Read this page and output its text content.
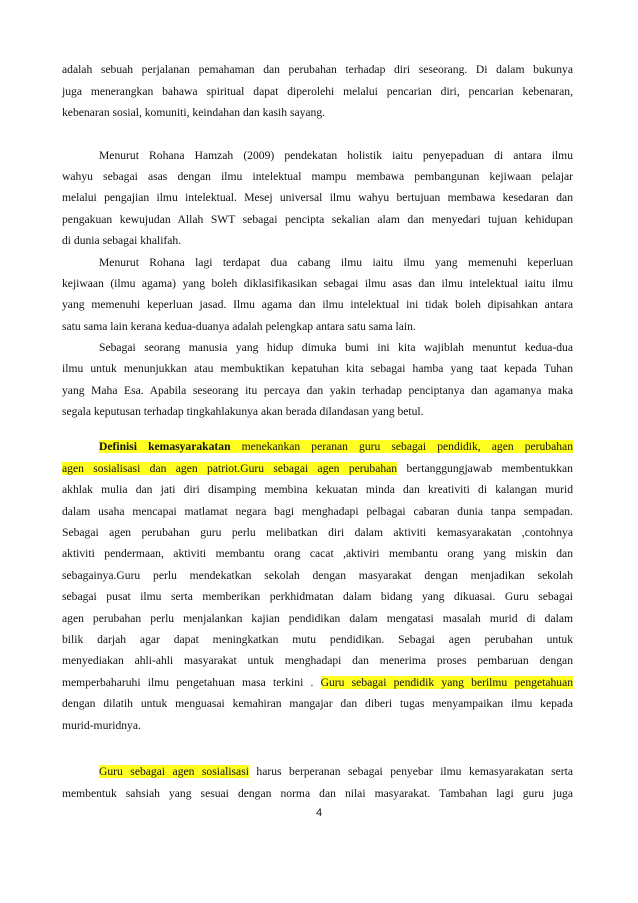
adalah sebuah perjalanan pemahaman dan perubahan terhadap diri seseorang. Di dalam bukunya
juga menerangkan bahawa spiritual dapat diperolehi melalui pencarian diri, pencarian kebenaran,
kebenaran sosial, komuniti, keindahan dan kasih sayang.
Menurut Rohana Hamzah (2009) pendekatan holistik iaitu penyepaduan di antara ilmu
wahyu sebagai asas dengan ilmu intelektual mampu membawa pembangunan kejiwaan pelajar
melalui pengajian ilmu intelektual. Mesej universal ilmu wahyu bertujuan membawa kesedaran dan
pengakuan kewujudan Allah SWT sebagai pencipta sekalian alam dan menyedari tujuan kehidupan
di dunia sebagai khalifah.
Menurut Rohana lagi terdapat dua cabang ilmu iaitu ilmu yang memenuhi keperluan
kejiwaan (ilmu agama) yang boleh diklasifikasikan sebagai ilmu asas dan ilmu intelektual iaitu ilmu
yang memenuhi keperluan jasad. Ilmu agama dan ilmu intelektual ini tidak boleh dipisahkan antara
satu sama lain kerana kedua-duanya adalah pelengkap antara satu sama lain.
Sebagai seorang manusia yang hidup dimuka bumi ini kita wajiblah menuntut kedua-dua
ilmu untuk menunjukkan atau membuktikan kepatuhan kita sebagai hamba yang taat kepada Tuhan
yang Maha Esa. Apabila seseorang itu percaya dan yakin terhadap penciptanya dan agamanya maka
segala keputusan terhadap tingkahlakunya akan berada dilandasan yang betul.
Definisi kemasyarakatan menekankan peranan guru sebagai pendidik, agen perubahan
agen sosialisasi dan agen patriot.Guru sebagai agen perubahan bertanggungjawab membentukkan
akhlak mulia dan jati diri disamping membina kekuatan minda dan kreativiti di kalangan murid
dalam usaha mencapai matlamat negara bagi menghadapi pelbagai cabaran dunia tanpa sempadan.
Sebagai agen perubahan guru perlu melibatkan diri dalam aktiviti kemasyarakatan ,contohnya
aktiviti pendermaan, aktiviti membantu orang cacat ,aktiviri membantu orang yang miskin dan
sebagainya.Guru perlu mendekatkan sekolah dengan masyarakat dengan menjadikan sekolah
sebagai pusat ilmu serta memberikan perkhidmatan dalam bidang yang dikuasai. Guru sebagai
agen perubahan perlu menjalankan kajian pendidikan dalam mengatasi masalah murid di dalam
bilik darjah agar dapat meningkatkan mutu pendidikan. Sebagai agen perubahan untuk
menyediakan ahli-ahli masyarakat untuk menghadapi dan menerima proses pembaruan dengan
memperbaharuhi ilmu pengetahuan masa terkini . Guru sebagai pendidik yang berilmu pengetahuan
dengan dilatih untuk menguasai kemahiran mangajar dan diberi tugas menyampaikan ilmu kepada
murid-muridnya.
Guru sebagai agen sosialisasi harus berperanan sebagai penyebar ilmu kemasyarakatan serta
membentuk sahsiah yang sesuai dengan norma dan nilai masyarakat. Tambahan lagi guru juga
4
